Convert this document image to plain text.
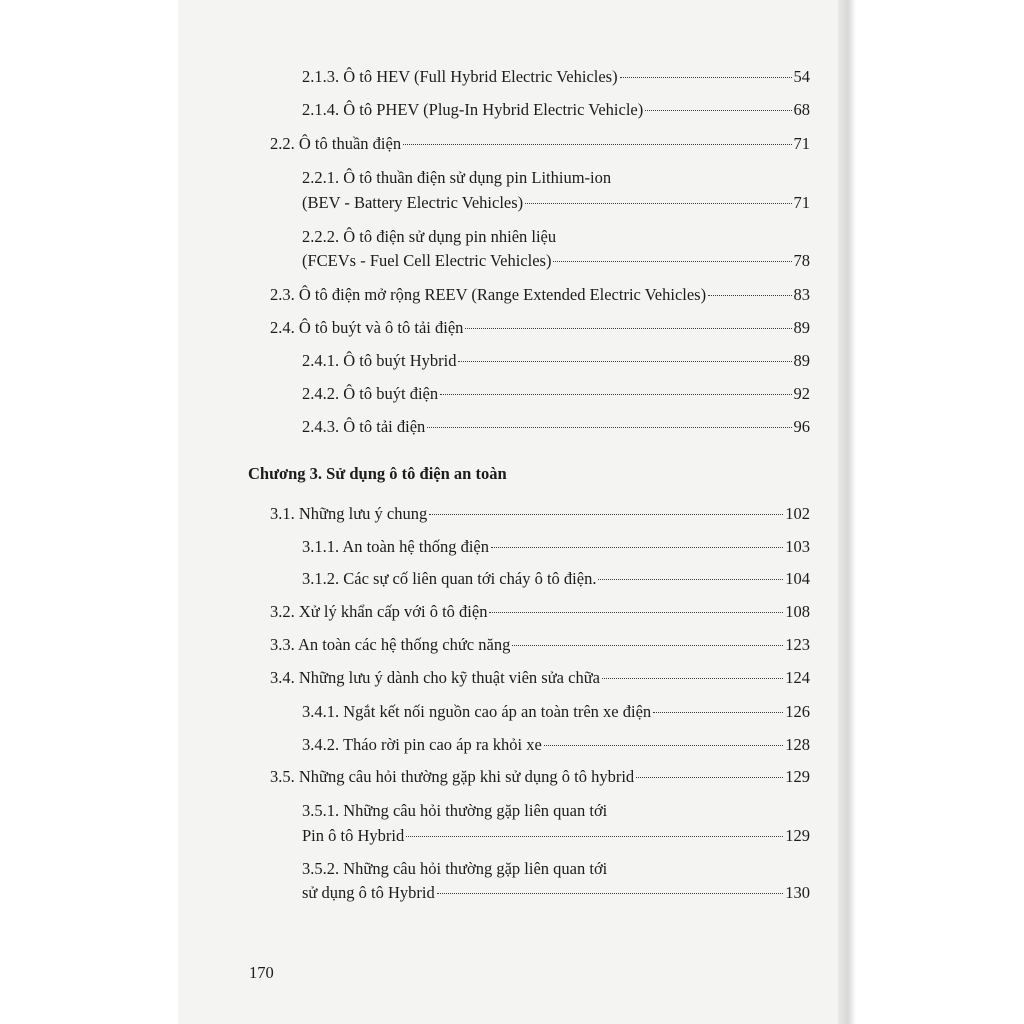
2.1.3. Ô tô HEV (Full Hybrid Electric Vehicles)	54
2.1.4. Ô tô PHEV (Plug-In Hybrid Electric Vehicle)	68
2.2. Ô tô thuần điện	71
2.2.1. Ô tô thuần điện sử dụng pin Lithium-ion
(BEV - Battery Electric Vehicles)	71
2.2.2. Ô tô điện sử dụng pin nhiên liệu
(FCEVs - Fuel Cell Electric Vehicles)	78
2.3. Ô tô điện mở rộng REEV (Range Extended Electric Vehicles)	83
2.4. Ô tô buýt và ô tô tải điện	89
2.4.1. Ô tô buýt Hybrid	89
2.4.2. Ô tô buýt điện	92
2.4.3. Ô tô tải điện	96
Chương 3. Sử dụng ô tô điện an toàn
3.1. Những lưu ý chung	102
3.1.1. An toàn hệ thống điện	103
3.1.2. Các sự cố liên quan tới cháy ô tô điện.	104
3.2. Xử lý khẩn cấp với ô tô điện	108
3.3. An toàn các hệ thống chức năng	123
3.4. Những lưu ý dành cho kỹ thuật viên sửa chữa	124
3.4.1. Ngắt kết nối nguồn cao áp an toàn trên xe điện	126
3.4.2. Tháo rời pin cao áp ra khỏi xe	128
3.5. Những câu hỏi thường gặp khi sử dụng ô tô hybrid	129
3.5.1. Những câu hỏi thường gặp liên quan tới
Pin ô tô Hybrid	129
3.5.2. Những câu hỏi thường gặp liên quan tới
sử dụng ô tô Hybrid	130
170
